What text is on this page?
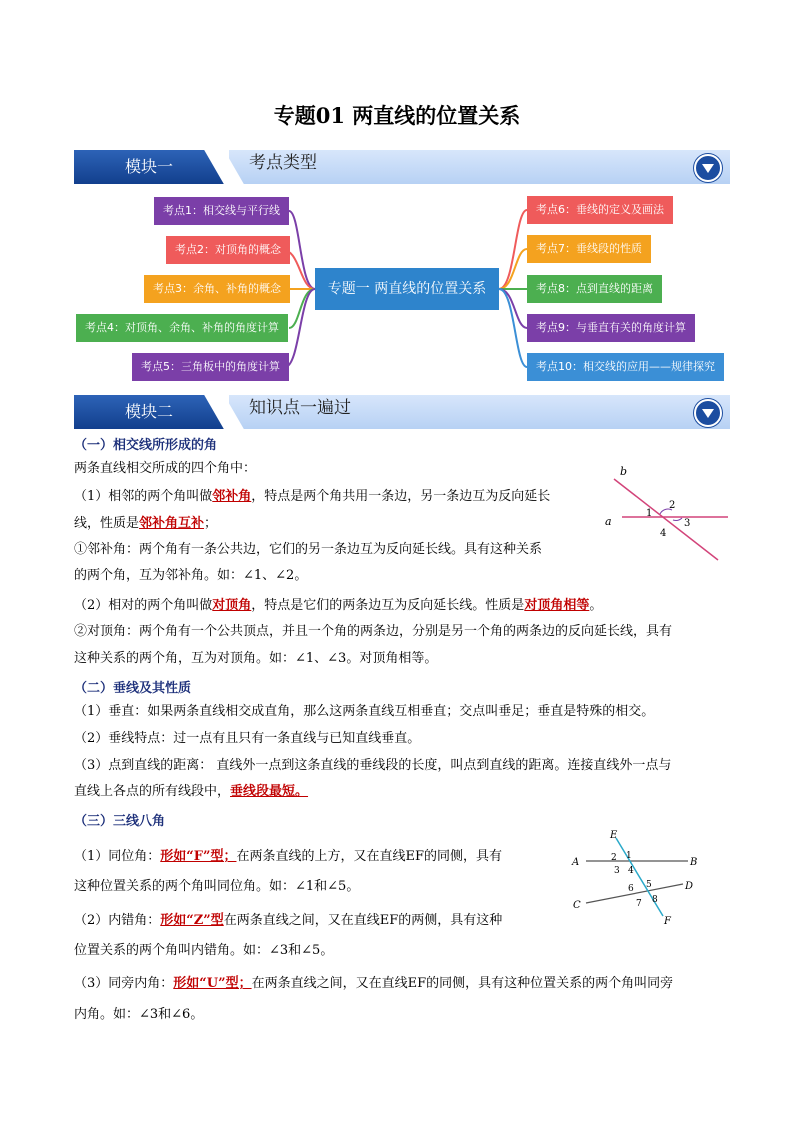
专题01 两直线的位置关系
模块一	考点类型
考点1：相交线与平行线
考点2：对顶角的概念
考点3：余角、补角的概念
考点4：对顶角、余角、补角的角度计算
考点5：三角板中的角度计算
专题一 两直线的位置关系
考点6：垂线的定义及画法
考点7：垂线段的性质
考点8：点到直线的距离
考点9：与垂直有关的角度计算
考点10：相交线的应用——规律探究
模块二	知识点一遍过
（一）相交线所形成的角
两条直线相交所成的四个角中：
（1）相邻的两个角叫做邻补角，特点是两个角共用一条边，另一条边互为反向延长
线，性质是邻补角互补；
①邻补角：两个角有一条公共边，它们的另一条边互为反向延长线。具有这种关系
的两个角，互为邻补角。如：∠1、∠2。
（2）相对的两个角叫做对顶角，特点是它们的两条边互为反向延长线。性质是对顶角相等。
②对顶角：两个角有一个公共顶点，并且一个角的两条边，分别是另一个角的两条边的反向延长线，具有
这种关系的两个角，互为对顶角。如：∠1、∠3。对顶角相等。
b
a
1
2
3
4
（二）垂线及其性质
（1）垂直：如果两条直线相交成直角，那么这两条直线互相垂直；交点叫垂足；垂直是特殊的相交。
（2）垂线特点：过一点有且只有一条直线与已知直线垂直。
（3）点到直线的距离： 直线外一点到这条直线的垂线段的长度，叫点到直线的距离。连接直线外一点与
直线上各点的所有线段中，垂线段最短。
（三）三线八角
（1）同位角：形如“F”型；在两条直线的上方，又在直线EF的同侧，具有
这种位置关系的两个角叫同位角。如：∠1和∠5。
（2）内错角：形如“Z”型在两条直线之间，又在直线EF的两侧，具有这种
位置关系的两个角叫内错角。如：∠3和∠5。
（3）同旁内角：形如“U”型；在两条直线之间，又在直线EF的同侧，具有这种位置关系的两个角叫同旁
内角。如：∠3和∠6。
E
A	B
C
D
F
1
2
3 4
5
6
7 8
